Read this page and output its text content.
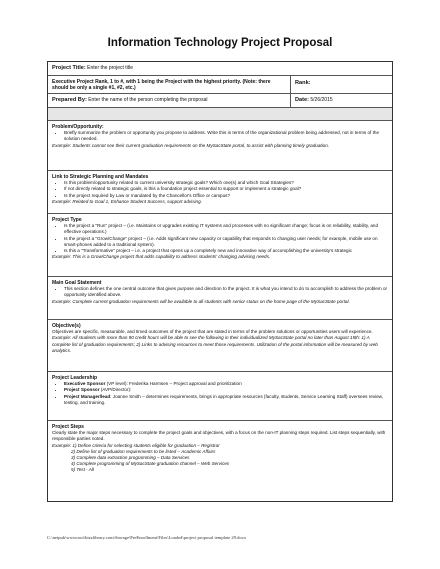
Information Technology Project Proposal
Project Title: Enter the project title
Executive Project Rank, 1 to #, with 1 being the Project with the highest priority. (Note: there should be only a single #1, #2, etc.)
Rank:
Prepared By: Enter the name of the person completing the proposal	Date: 5/26/2015
Problem/Opportunity:
• Briefly summarize the problem or opportunity you propose to address. Write this in terms of the organizational problem being addressed, not in terms of the solution needed.
Example: Students cannot see their current graduation requirements on the MySacState portal, to assist with planning timely graduation.
Link to Strategic Planning and Mandates
• Is this problem/opportunity related to current university strategic goals? Which one(s) and which Goal Strategies?
• If not directly related to strategic goals, is this a foundation project essential to support or implement a strategic goal?
• Is the project required by Law or mandated by the Chancellor's Office or campus?
Example: Related to Goal 1, Enhance Student Success, support advising.
Project Type
• Is the project a "Run" project – (i.e. Maintains or upgrades existing IT systems and processes with no significant change; focus is on reliability, stability, and effective operations.)
• Is the project a "Grow/Change" project – (i.e. Adds significant new capacity or capability that responds to changing user needs; for example, mobile use on smart-phones added to a traditional system).
• Is this a "Transformative" project – i.e. a project that opens up a completely new and innovative way of accomplishing the university's strategic
Example: This is a Grow/Change project that adds capability to address students' changing advising needs.
Main Goal Statement
• This section defines the one central outcome that gives purpose and direction to the project. It is what you intend to do to accomplish to address the problem or opportunity identified above.
Example: Complete current graduation requirements will be available to all students with senior status on the home page of the MySacState portal.
Objective(s)
Objectives are specific, measurable, and timed outcomes of the project that are stated in terms of the problem solutions or opportunities users will experience.
Example: All students with more than 90 credit hours will be able to see the following in their individualized MySacState portal no later than August 15th: 1) A complete list of graduation requirements; 2) Links to advising resources to meet those requirements. Utilization of the portal information will be measured by web analytics.
Project Leadership
• Executive Sponsor (VP level): Frederika Harmsen – Project approval and prioritization
• Project Sponsor (AVP/Director):
• Project Manager/lead: Joanne Smith – determines requirements, brings in appropriate resources (faculty, students, Service Learning Staff) oversees review, testing, and training.
Project Steps
Clearly state the major steps necessary to complete the project goals and objectives, with a focus on the non-IT planning steps required. List steps sequentially, with responsible parties noted.
Example: 1) Define criteria for selecting students eligible for graduation – Registrar
2) Define list of graduation requirements to be listed – Academic Affairs
3) Complete data extraction programming – Data Services
4) Complete programming of MySacState graduation channel – Web Services
5) Test - All
C:\netpub\wwwroot\bizzlibrary.com\Storage\PreEnrollment\Files\Loaded\project proposal template 29.docx
